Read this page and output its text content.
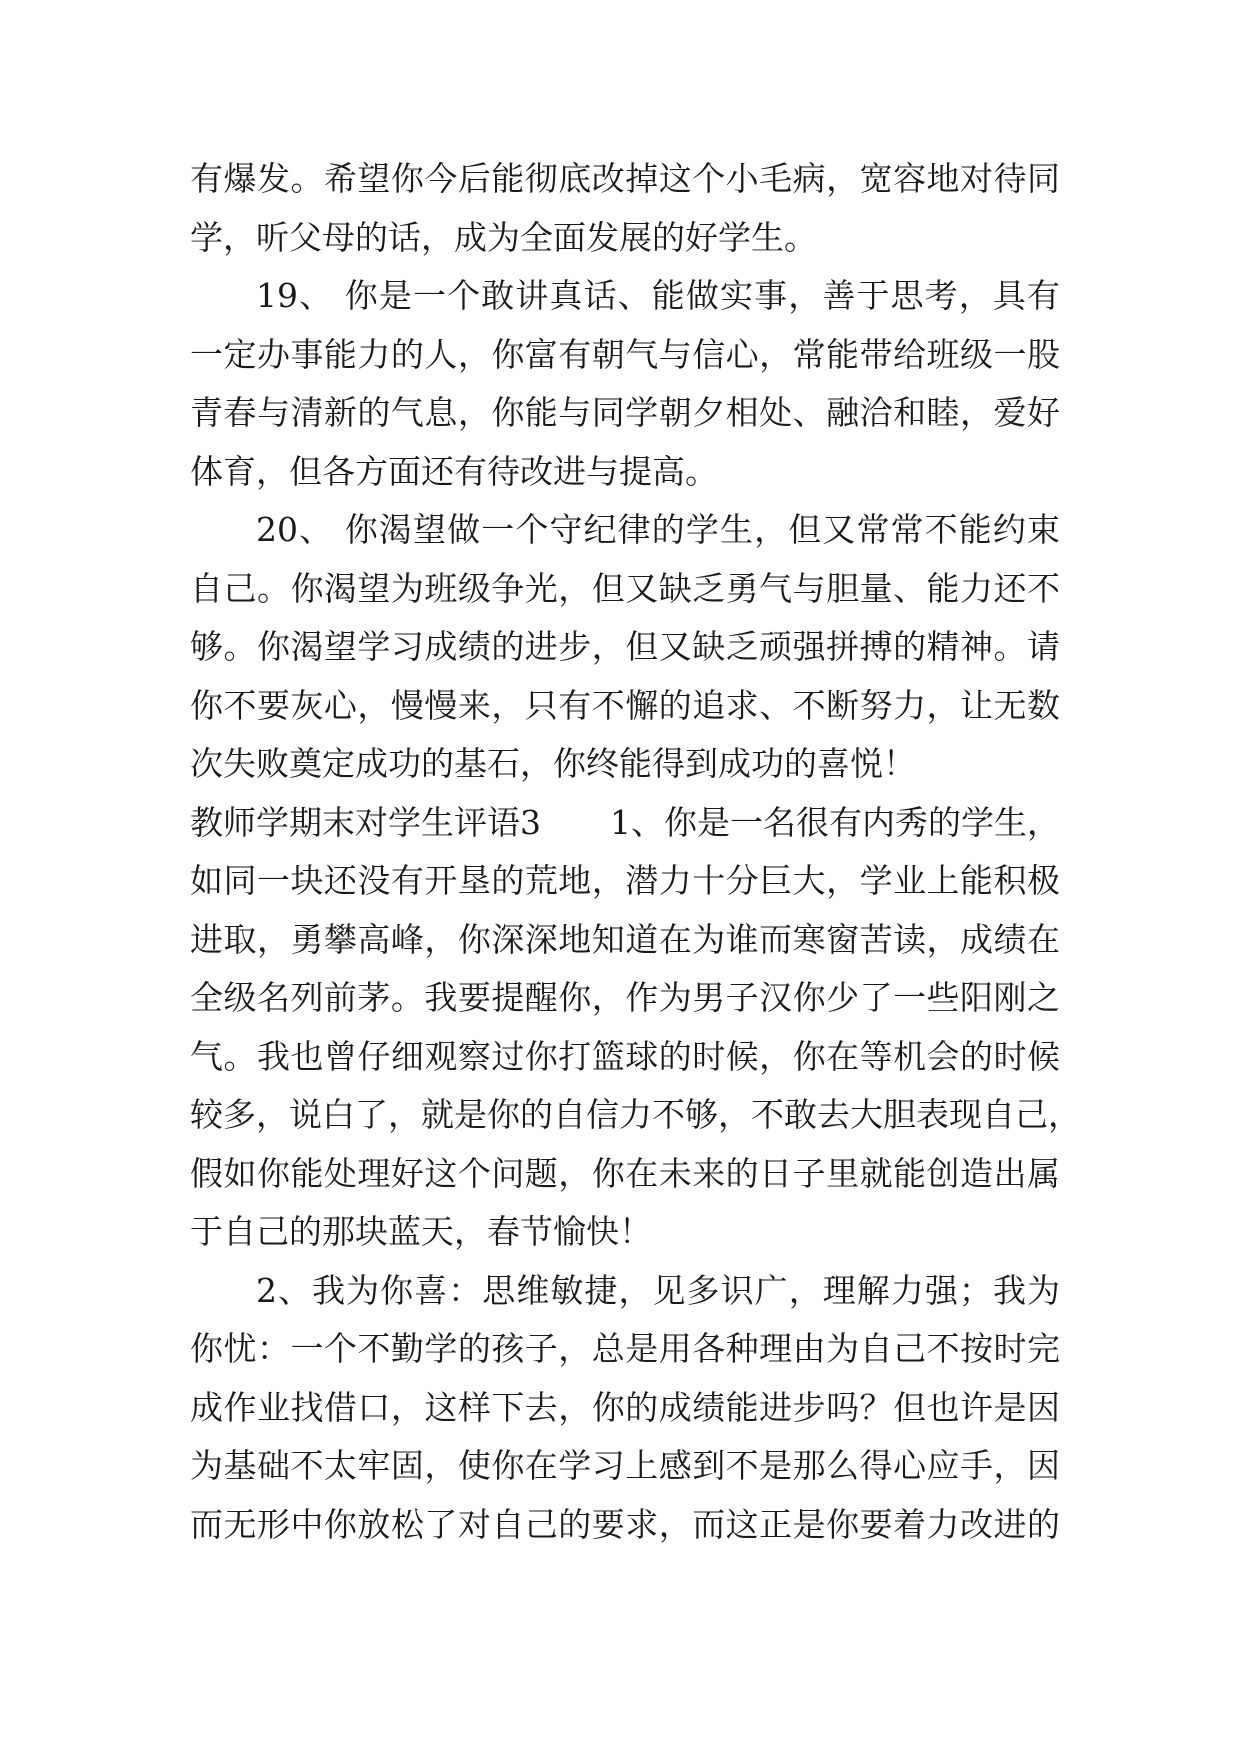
有爆发。希望你今后能彻底改掉这个小毛病，宽容地对待同
学，听父母的话，成为全面发展的好学生。
19、 你是一个敢讲真话、能做实事，善于思考，具有
一定办事能力的人，你富有朝气与信心，常能带给班级一股
青春与清新的气息，你能与同学朝夕相处、融洽和睦，爱好
体育，但各方面还有待改进与提高。
20、 你渴望做一个守纪律的学生，但又常常不能约束
自己。你渴望为班级争光，但又缺乏勇气与胆量、能力还不
够。你渴望学习成绩的进步，但又缺乏顽强拼搏的精神。请
你不要灰心，慢慢来，只有不懈的追求、不断努力，让无数
次失败奠定成功的基石，你终能得到成功的喜悦！
教师学期末对学生评语3 1、你是一名很有内秀的学生，
如同一块还没有开垦的荒地，潜力十分巨大，学业上能积极
进取，勇攀高峰，你深深地知道在为谁而寒窗苦读，成绩在
全级名列前茅。我要提醒你，作为男子汉你少了一些阳刚之
气。我也曾仔细观察过你打篮球的时候，你在等机会的时候
较多，说白了，就是你的自信力不够，不敢去大胆表现自己，
假如你能处理好这个问题，你在未来的日子里就能创造出属
于自己的那块蓝天，春节愉快！
2、我为你喜：思维敏捷，见多识广，理解力强；我为
你忧：一个不勤学的孩子，总是用各种理由为自己不按时完
成作业找借口，这样下去，你的成绩能进步吗？但也许是因
为基础不太牢固，使你在学习上感到不是那么得心应手，因
而无形中你放松了对自己的要求，而这正是你要着力改进的
